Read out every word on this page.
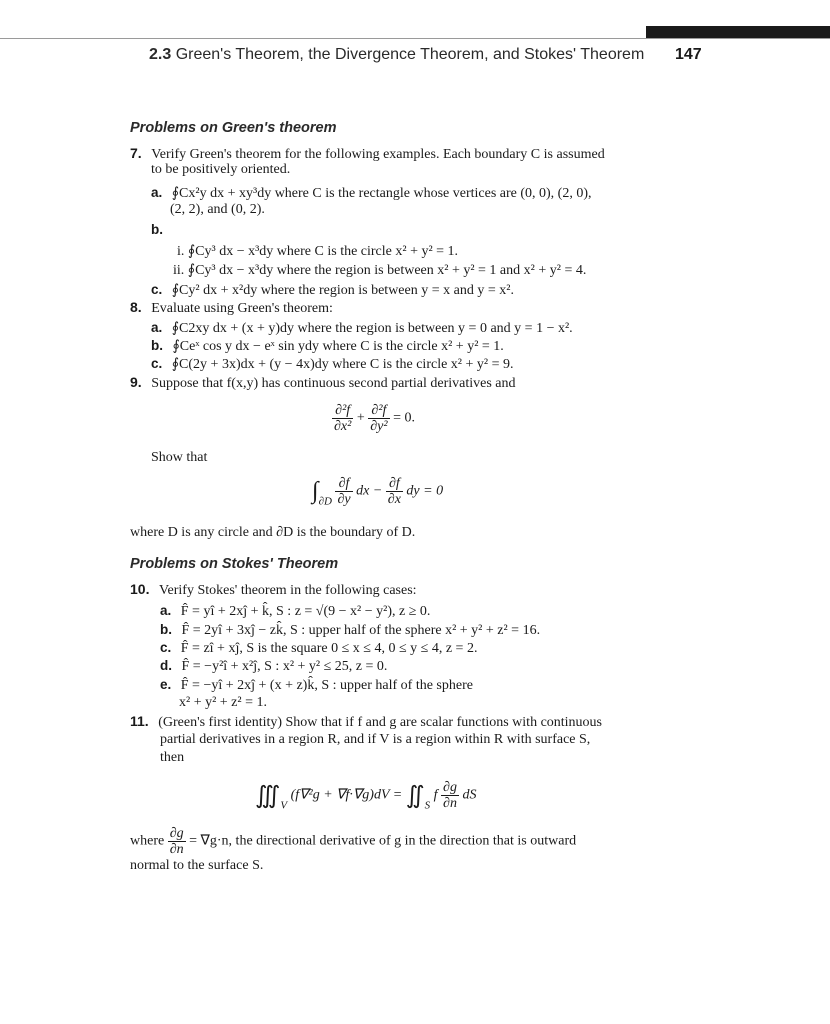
2.3 Green's Theorem, the Divergence Theorem, and Stokes' Theorem 147
Problems on Green's theorem
7. Verify Green's theorem for the following examples. Each boundary C is assumed
to be positively oriented.
a. ∮Cx²y dx + xy³dy where C is the rectangle whose vertices are (0, 0), (2, 0),
(2, 2), and (0, 2).
b.
i. ∮Cy³ dx − x³dy where C is the circle x² + y² = 1.
ii. ∮Cy³ dx − x³dy where the region is between x² + y² = 1 and x² + y² = 4.
c. ∮Cy² dx + x²dy where the region is between y = x and y = x².
8. Evaluate using Green's theorem:
a. ∮C2xy dx + (x + y)dy where the region is between y = 0 and y = 1 − x².
b. ∮Ceˣ cos y dx − eˣ sin ydy where C is the circle x² + y² = 1.
c. ∮C(2y + 3x)dx + (y − 4x)dy where C is the circle x² + y² = 9.
9. Suppose that f(x,y) has continuous second partial derivatives and
$\frac{\text{∂²f}}{\text{∂x²}} + \frac{\text{∂²f}}{\text{∂y²}} = 0$.
Show that
$\int_{\partial D} \frac{\partial f}{\partial y}$ dx − $\frac{\partial f}{\partial x}$ dy = 0
where D is any circle and ∂D is the boundary of D.
Problems on Stokes' Theorem
10. Verify Stokes' theorem in the following cases:
a. F̂ = yî + 2xĵ + k̂, S : z = √(9 − x² − y²), z ≥ 0.
b. F̂ = 2yî + 3xĵ − zk̂, S : upper half of the sphere x² + y² + z² = 16.
c. F̂ = zî + xĵ, S is the square 0 ≤ x ≤ 4, 0 ≤ y ≤ 4, z = 2.
d. F̂ = −y²î + x²ĵ, S : x² + y² ≤ 25, z = 0.
e. F̂ = −yî + 2xĵ + (x + z)k̂, S : upper half of the sphere
x² + y² + z² = 1.
11. (Green's first identity) Show that if f and g are scalar functions with continuous
partial derivatives in a region R, and if V is a region within R with surface S,
then
$∭_V$ $(f\nabla^2g + \nabla f\cdot\nabla g)dV = ∬_S$ f $\frac{\partial g}{\partial n}$ dS
where $\frac{\partial g}{\partial n} = \nabla g\cdot n$, the directional derivative of g in the direction that is outward
normal to the surface S.
